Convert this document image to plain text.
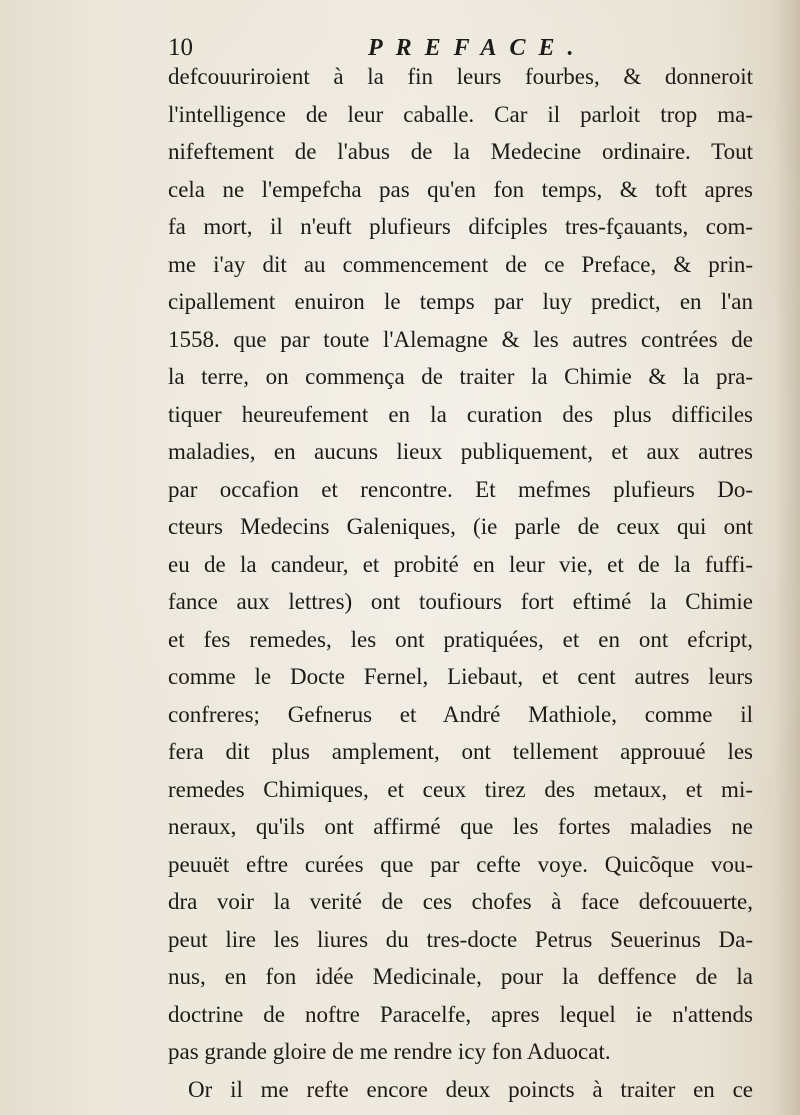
10	PREFACE.
defcouuriroient à la fin leurs fourbes, & donneroit
l'intelligence de leur caballe. Car il parloit trop ma-
nifeftement de l'abus de la Medecine ordinaire. Tout
cela ne l'empefcha pas qu'en fon temps, & toft apres
fa mort, il n'euft plufieurs difciples tres-fçauants, com-
me i'ay dit au commencement de ce Preface, & prin-
cipallement enuiron le temps par luy predict, en l'an
1558. que par toute l'Alemagne & les autres contrées de
la terre, on commença de traiter la Chimie & la pra-
tiquer heureufement en la curation des plus difficiles
maladies, en aucuns lieux publiquement, et aux autres
par occafion et rencontre. Et mefmes plufieurs Do-
cteurs Medecins Galeniques, (ie parle de ceux qui ont
eu de la candeur, et probité en leur vie, et de la fuffi-
fance aux lettres) ont toufiours fort eftimé la Chimie
et fes remedes, les ont pratiquées, et en ont efcript,
comme le Docte Fernel, Liebaut, et cent autres leurs
confreres; Gefnerus et André Mathiole, comme il
fera dit plus amplement, ont tellement approuué les
remedes Chimiques, et ceux tirez des metaux, et mi-
neraux, qu'ils ont affirmé que les fortes maladies ne
peuuët eftre curées que par cefte voye. Quicõque vou-
dra voir la verité de ces chofes à face defcouuerte,
peut lire les liures du tres-docte Petrus Seuerinus Da-
nus, en fon idée Medicinale, pour la deffence de la
doctrine de noftre Paracelfe, apres lequel ie n'attends
pas grande gloire de me rendre icy fon Aduocat.
Or il me refte encore deux poincts à traiter en ce
